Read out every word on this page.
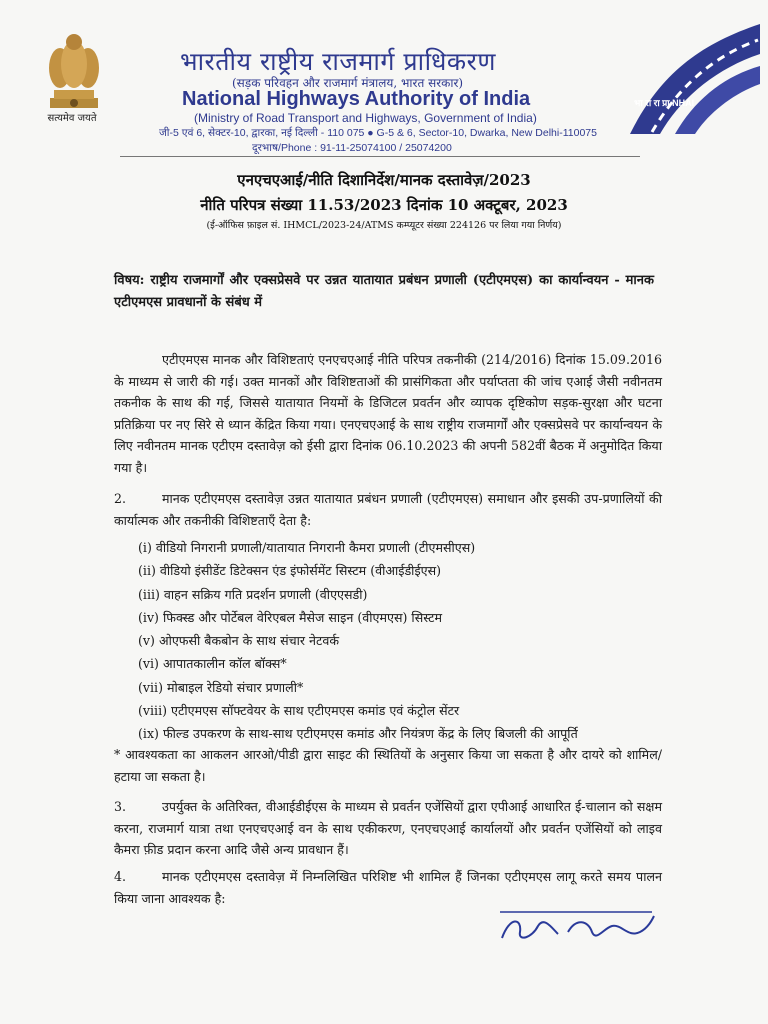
सत्यमेव जयते
भारतीय राष्ट्रीय राजमार्ग प्राधिकरण
(सड़क परिवहन और राजमार्ग मंत्रालय, भारत सरकार)
National Highways Authority of India
(Ministry of Road Transport and Highways, Government of India)
जी-5 एवं 6, सेक्टर-10, द्वारका, नई दिल्ली - 110 075 ● G-5 & 6, Sector-10, Dwarka, New Delhi-110075
दूरभाष/Phone : 91-11-25074100 / 25074200
भा रा रा प्रा NHAI
एनएचएआई/नीति दिशानिर्देश/मानक दस्तावेज़/2023
नीति परिपत्र संख्या 11.53/2023 दिनांक 10 अक्टूबर, 2023
(ई-ऑफिस फ़ाइल सं. IHMCL/2023-24/ATMS कम्प्यूटर संख्या 224126 पर लिया गया निर्णय)
विषय: राष्ट्रीय राजमार्गों और एक्सप्रेसवे पर उन्नत यातायात प्रबंधन प्रणाली (एटीएमएस) का कार्यान्वयन - मानक एटीएमएस प्रावधानों के संबंध में
एटीएमएस मानक और विशिष्टताएं एनएचएआई नीति परिपत्र तकनीकी (214/2016) दिनांक 15.09.2016 के माध्यम से जारी की गई। उक्त मानकों और विशिष्टताओं की प्रासंगिकता और पर्याप्तता की जांच एआई जैसी नवीनतम तकनीक के साथ की गई, जिससे यातायात नियमों के डिजिटल प्रवर्तन और व्यापक दृष्टिकोण सड़क-सुरक्षा और घटना प्रतिक्रिया पर नए सिरे से ध्यान केंद्रित किया गया। एनएचएआई के साथ राष्ट्रीय राजमार्गों और एक्सप्रेसवे पर कार्यान्वयन के लिए नवीनतम मानक एटीएम दस्तावेज़ को ईसी द्वारा दिनांक 06.10.2023 की अपनी 582वीं बैठक में अनुमोदित किया गया है।
2.	मानक एटीएमएस दस्तावेज़ उन्नत यातायात प्रबंधन प्रणाली (एटीएमएस) समाधान और इसकी उप-प्रणालियों की कार्यात्मक और तकनीकी विशिष्टताएँ देता है:
(i) वीडियो निगरानी प्रणाली/यातायात निगरानी कैमरा प्रणाली (टीएमसीएस)
(ii) वीडियो इंसीडेंट डिटेक्सन एंड इंफोर्समेंट सिस्टम (वीआईडीईएस)
(iii) वाहन सक्रिय गति प्रदर्शन प्रणाली (वीएएसडी)
(iv) फिक्स्ड और पोर्टेबल वेरिएबल मैसेज साइन (वीएमएस) सिस्टम
(v) ओएफसी बैकबोन के साथ संचार नेटवर्क
(vi) आपातकालीन कॉल बॉक्स*
(vii) मोबाइल रेडियो संचार प्रणाली*
(viii) एटीएमएस सॉफ्टवेयर के साथ एटीएमएस कमांड एवं कंट्रोल सेंटर
(ix) फील्ड उपकरण के साथ-साथ एटीएमएस कमांड और नियंत्रण केंद्र के लिए बिजली की आपूर्ति
* आवश्यकता का आकलन आरओ/पीडी द्वारा साइट की स्थितियों के अनुसार किया जा सकता है और दायरे को शामिल/हटाया जा सकता है।
3.	उपर्युक्त के अतिरिक्त, वीआईडीईएस के माध्यम से प्रवर्तन एजेंसियों द्वारा एपीआई आधारित ई-चालान को सक्षम करना, राजमार्ग यात्रा तथा एनएचएआई वन के साथ एकीकरण, एनएचएआई कार्यालयों और प्रवर्तन एजेंसियों को लाइव कैमरा फ़ीड प्रदान करना आदि जैसे अन्य प्रावधान हैं।
4.	मानक एटीएमएस दस्तावेज़ में निम्नलिखित परिशिष्ट भी शामिल हैं जिनका एटीएमएस लागू करते समय पालन किया जाना आवश्यक है:
